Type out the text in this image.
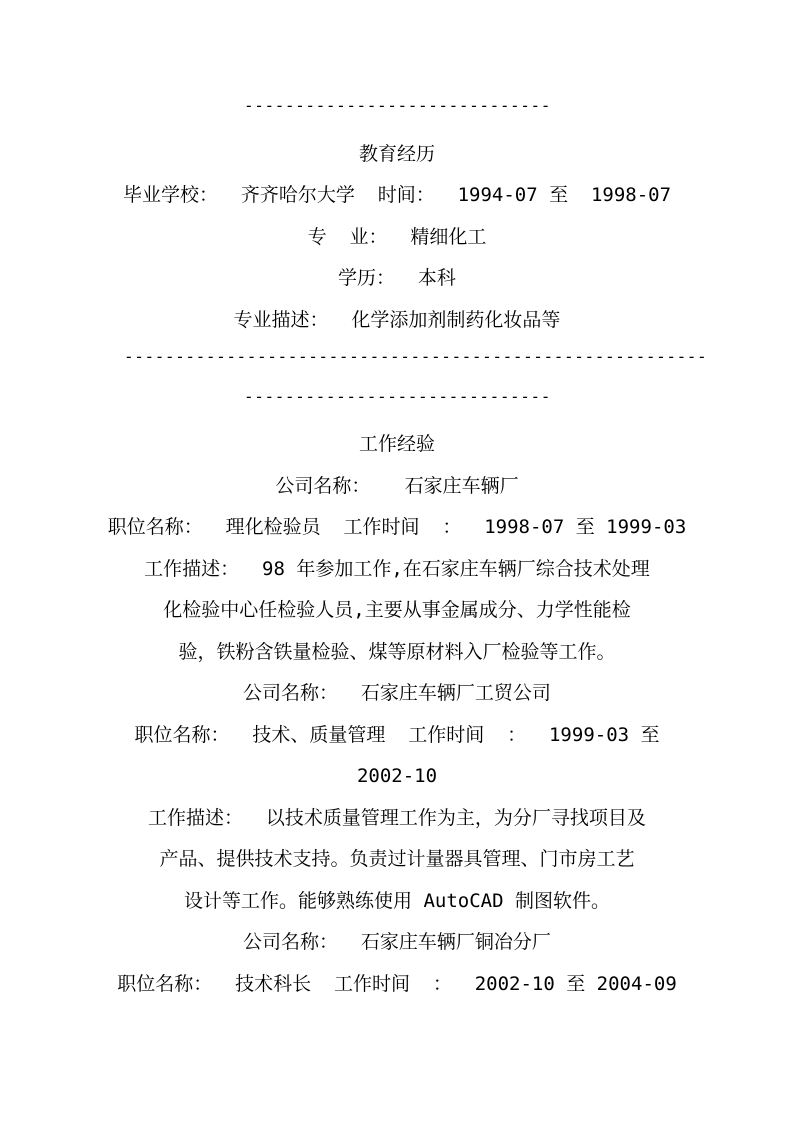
------------------------------
教育经历
毕业学校：  齐齐哈尔大学  时间：  1994-07 至  1998-07
专  业：  精细化工
学历：  本科
专业描述：  化学添加剂制药化妆品等
---------------------------------------------------------
------------------------------
工作经验
公司名称：   石家庄车辆厂
职位名称：  理化检验员  工作时间  ：  1998-07 至 1999-03
工作描述：  98 年参加工作,在石家庄车辆厂综合技术处理
化检验中心任检验人员,主要从事金属成分、力学性能检
验，铁粉含铁量检验、煤等原材料入厂检验等工作。
公司名称：  石家庄车辆厂工贸公司
职位名称：  技术、质量管理  工作时间  ：  1999-03 至
2002-10
工作描述：  以技术质量管理工作为主，为分厂寻找项目及
产品、提供技术支持。负责过计量器具管理、门市房工艺
设计等工作。能够熟练使用 AutoCAD 制图软件。
公司名称：  石家庄车辆厂铜冶分厂
职位名称：  技术科长  工作时间  ：  2002-10 至 2004-09
